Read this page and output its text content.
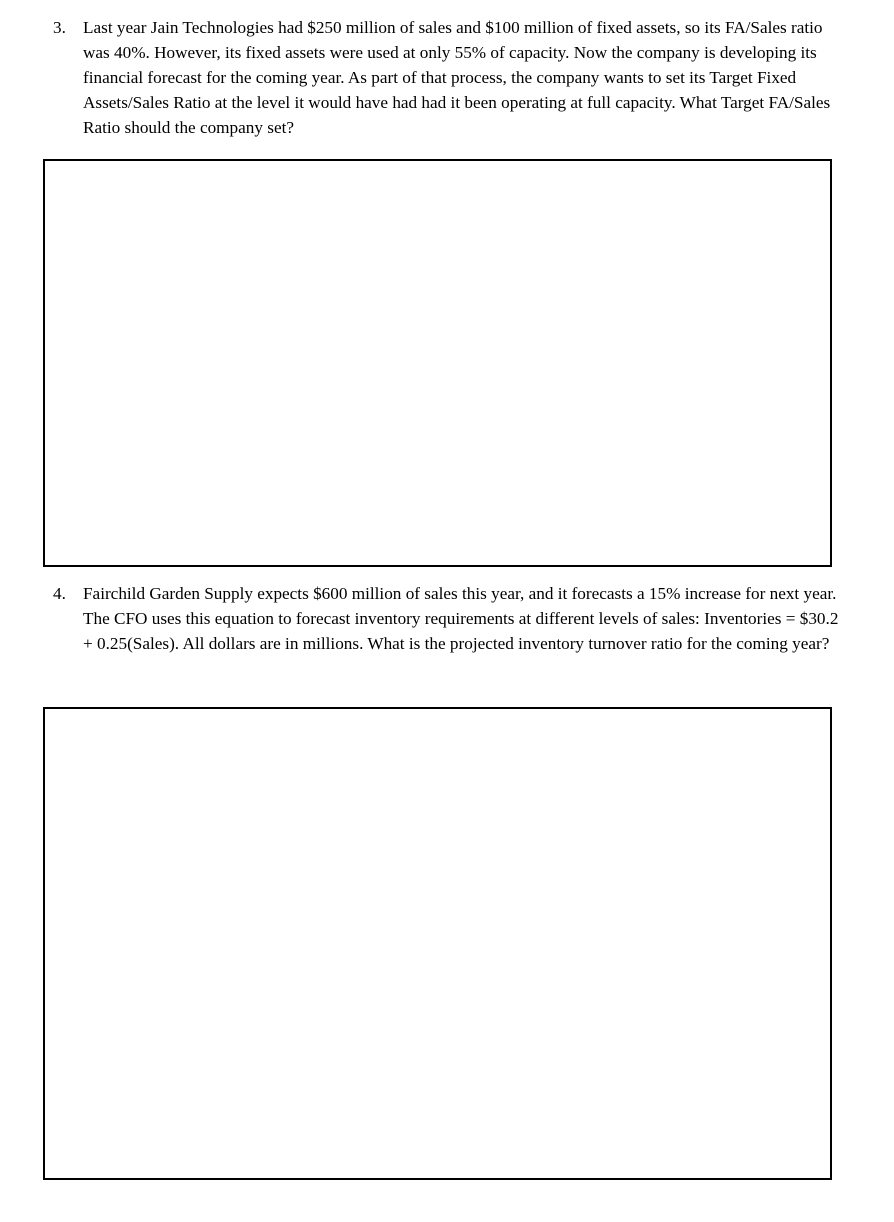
3. Last year Jain Technologies had $250 million of sales and $100 million of fixed assets, so its FA/Sales ratio was 40%. However, its fixed assets were used at only 55% of capacity. Now the company is developing its financial forecast for the coming year. As part of that process, the company wants to set its Target Fixed Assets/Sales Ratio at the level it would have had had it been operating at full capacity. What Target FA/Sales Ratio should the company set?
4. Fairchild Garden Supply expects $600 million of sales this year, and it forecasts a 15% increase for next year. The CFO uses this equation to forecast inventory requirements at different levels of sales: Inventories = $30.2 + 0.25(Sales). All dollars are in millions. What is the projected inventory turnover ratio for the coming year?
